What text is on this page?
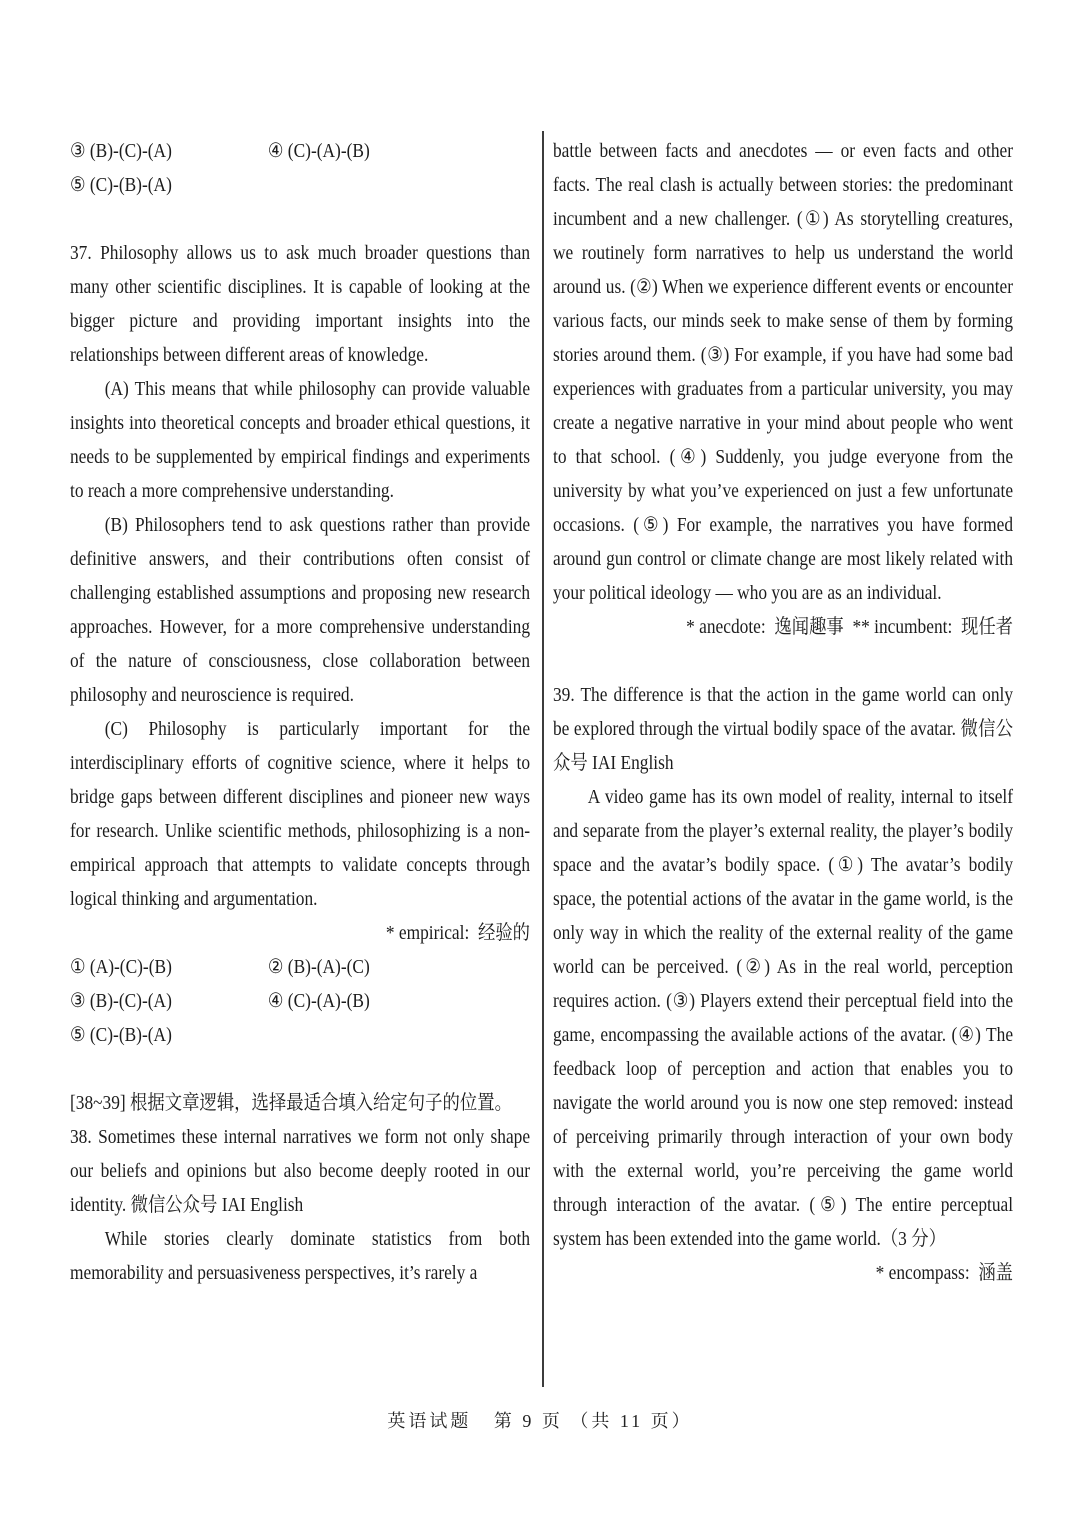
③ (B)-(C)-(A)	④ (C)-(A)-(B)
⑤ (C)-(B)-(A)

37. Philosophy allows us to ask much broader questions than many other scientific disciplines. It is capable of looking at the bigger picture and providing important insights into the relationships between different areas of knowledge.

(A) This means that while philosophy can provide valuable insights into theoretical concepts and broader ethical questions, it needs to be supplemented by empirical findings and experiments to reach a more comprehensive understanding.

(B) Philosophers tend to ask questions rather than provide definitive answers, and their contributions often consist of challenging established assumptions and proposing new research approaches. However, for a more comprehensive understanding of the nature of consciousness, close collaboration between philosophy and neuroscience is required.

(C) Philosophy is particularly important for the interdisciplinary efforts of cognitive science, where it helps to bridge gaps between different disciplines and pioneer new ways for research. Unlike scientific methods, philosophizing is a non-empirical approach that attempts to validate concepts through logical thinking and argumentation.

* empirical:  经验的

① (A)-(C)-(B)	② (B)-(A)-(C)
③ (B)-(C)-(A)	④ (C)-(A)-(B)
⑤ (C)-(B)-(A)

[38~39] 根据文章逻辑，选择最适合填入给定句子的位置。

38. Sometimes these internal narratives we form not only shape our beliefs and opinions but also become deeply rooted in our identity. 微信公众号 IAI English

While stories clearly dominate statistics from both memorability and persuasiveness perspectives, it’s rarely a

battle between facts and anecdotes — or even facts and other facts. The real clash is actually between stories: the predominant incumbent and a new challenger. (①) As storytelling creatures, we routinely form narratives to help us understand the world around us. (②) When we experience different events or encounter various facts, our minds seek to make sense of them by forming stories around them. (③) For example, if you have had some bad experiences with graduates from a particular university, you may create a negative narrative in your mind about people who went to that school. (④) Suddenly, you judge everyone from the university by what you’ve experienced on just a few unfortunate occasions. (⑤) For example, the narratives you have formed around gun control or climate change are most likely related with your political ideology — who you are as an individual.

* anecdote:  逸闻趣事  ** incumbent:  现任者

39. The difference is that the action in the game world can only be explored through the virtual bodily space of the avatar. 微信公众号 IAI English

A video game has its own model of reality, internal to itself and separate from the player’s external reality, the player’s bodily space and the avatar’s bodily space. (①) The avatar’s bodily space, the potential actions of the avatar in the game world, is the only way in which the reality of the external reality of the game world can be perceived. (②) As in the real world, perception requires action. (③) Players extend their perceptual field into the game, encompassing the available actions of the avatar. (④) The feedback loop of perception and action that enables you to navigate the world around you is now one step removed: instead of perceiving primarily through interaction of your own body with the external world, you’re perceiving the game world through interaction of the avatar. (⑤) The entire perceptual system has been extended into the game world.（3 分）

* encompass:  涵盖

英语试题   第 9 页 （共 11 页）
